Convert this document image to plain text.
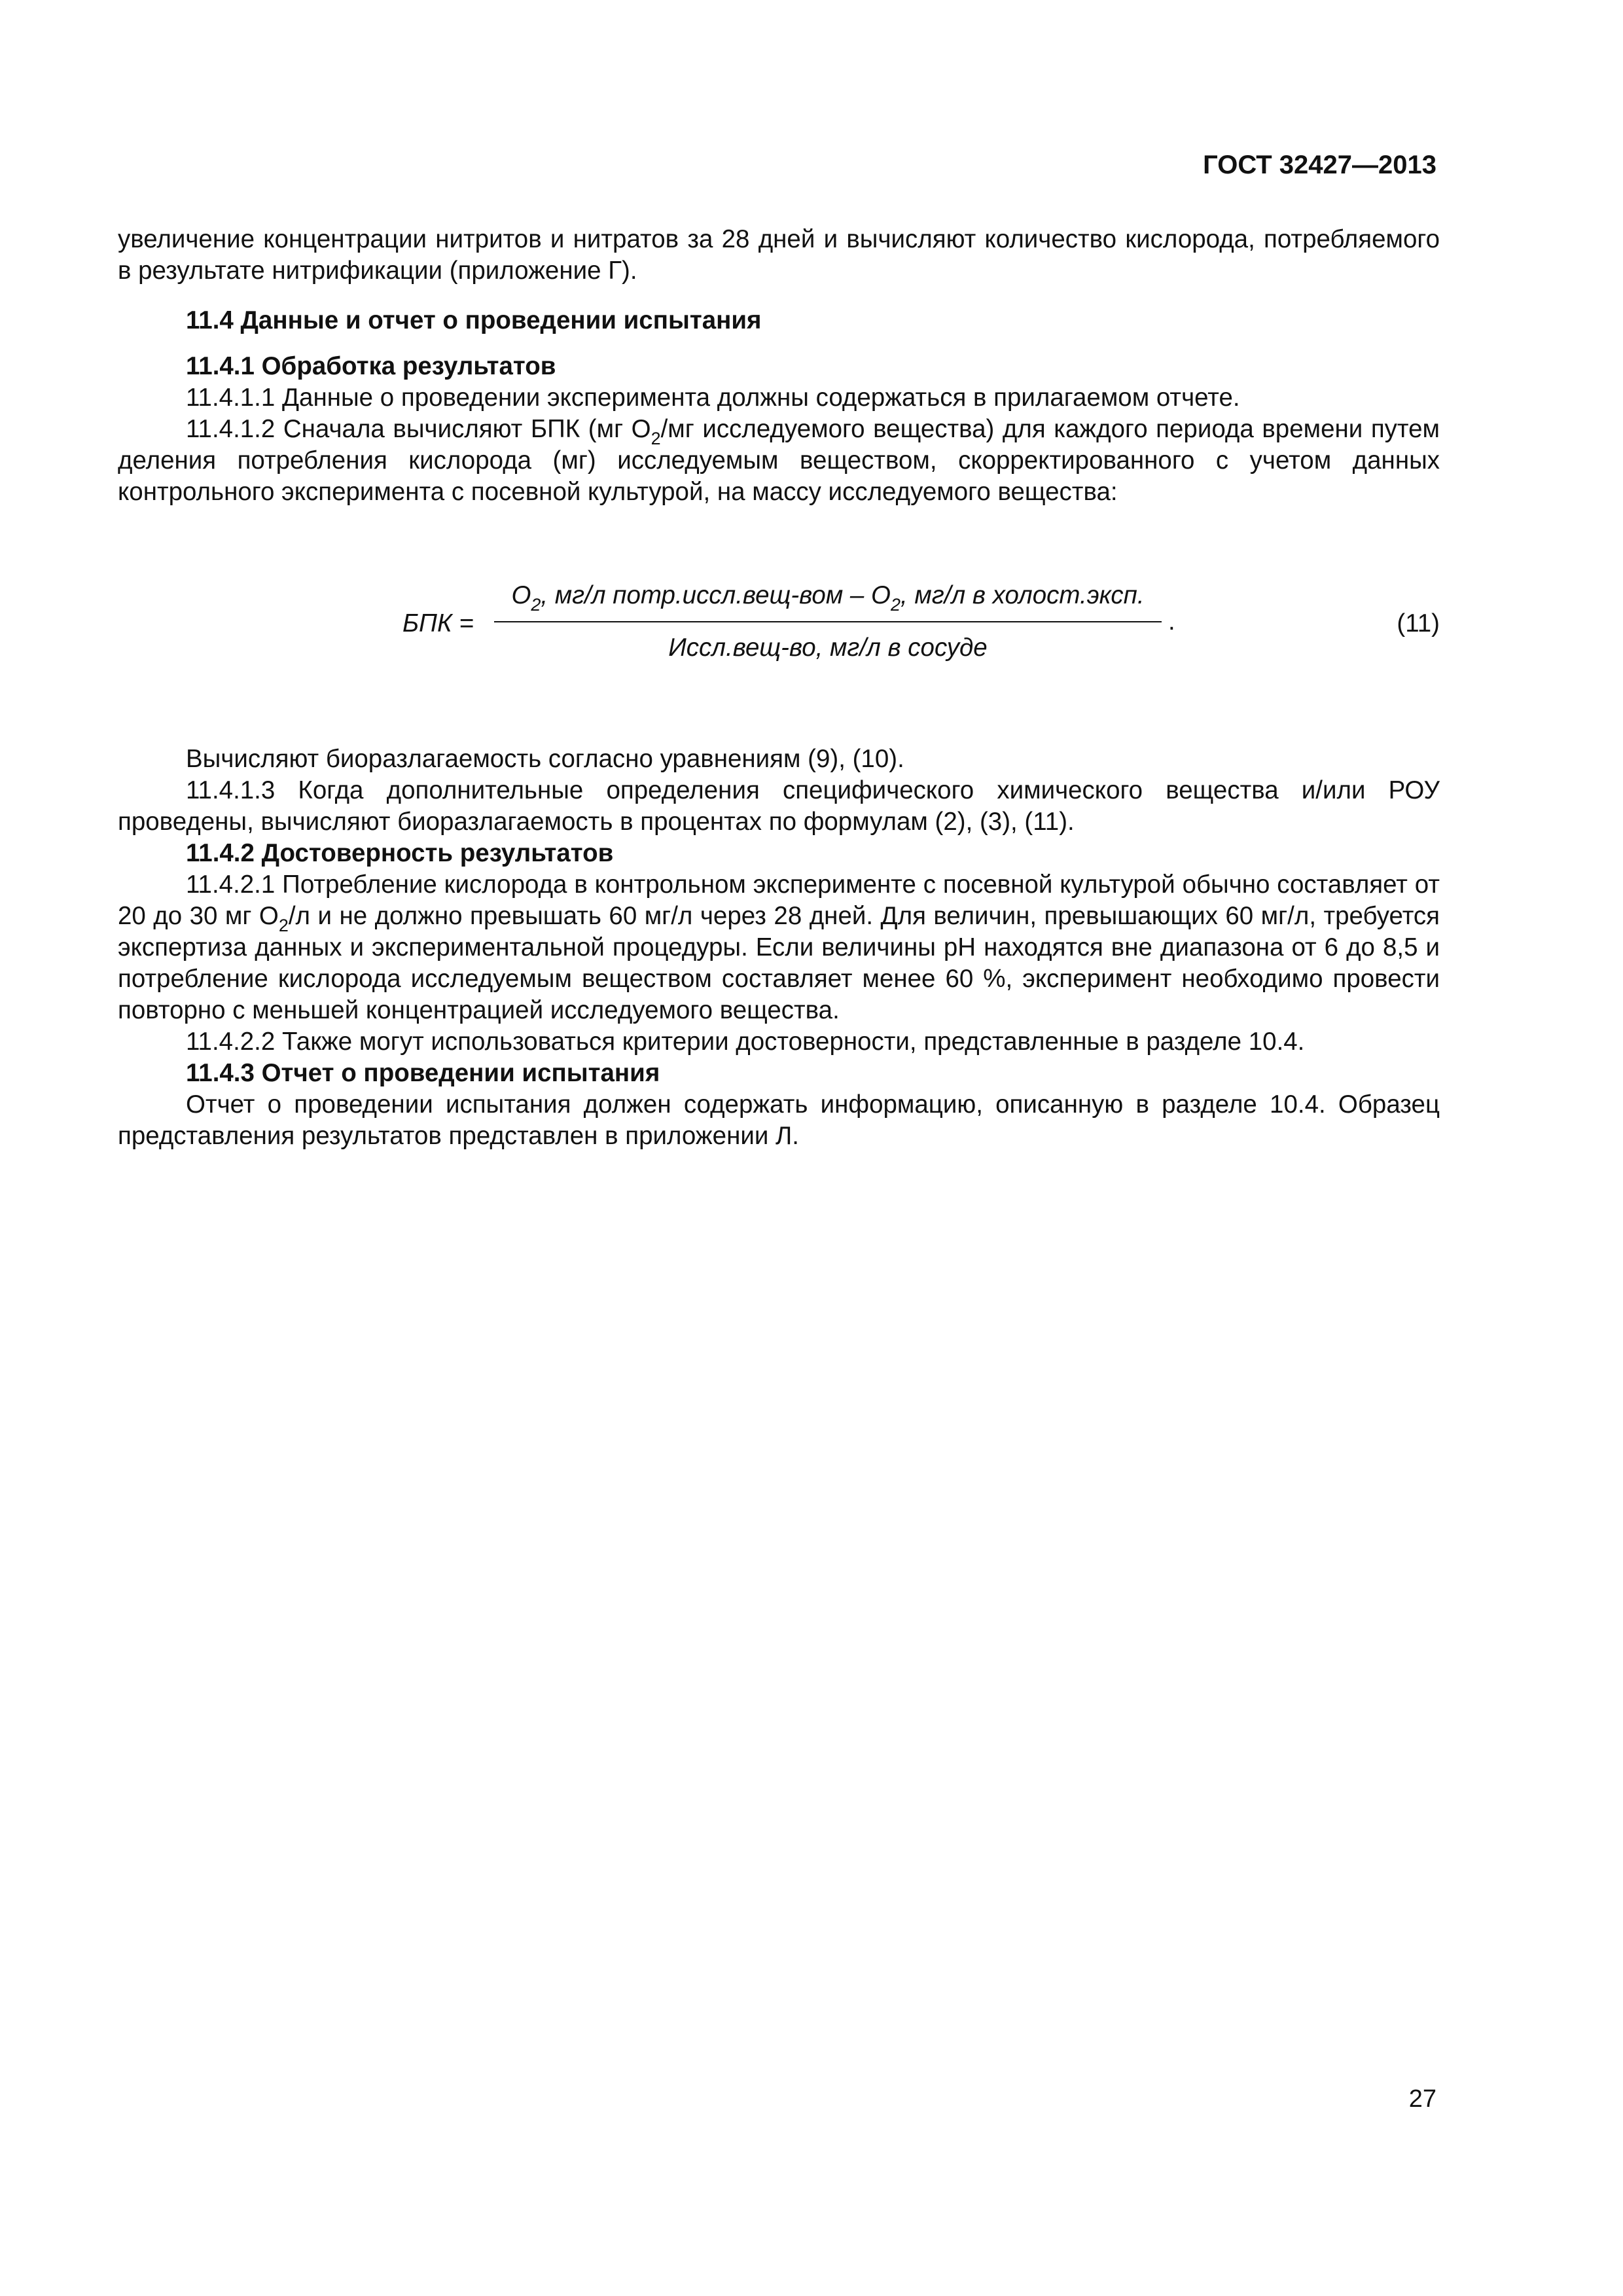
ГОСТ 32427—2013

увеличение концентрации нитритов и нитратов за 28 дней и вычисляют количество кислорода, потребляемого в результате нитрификации (приложение Г).

11.4 Данные и отчет о проведении испытания

11.4.1 Обработка результатов

11.4.1.1 Данные о проведении эксперимента должны содержаться в прилагаемом отчете.

11.4.1.2 Сначала вычисляют БПК (мг $O_2/мг$ исследуемого вещества) для каждого периода времени путем деления потребления кислорода (мг) исследуемым веществом, скорректированного с учетом данных контрольного эксперимента с посевной культурой, на массу исследуемого вещества:

БПК =
$O_2$, мг/л потр.иссл.вещ-вом – $O_2$, мг/л в холост.эксп.
.
Иссл.вещ-во, мг/л в сосуде
(11)

Вычисляют биоразлагаемость согласно уравнениям (9), (10).

11.4.1.3 Когда дополнительные определения специфического химического вещества и/или РОУ проведены, вычисляют биоразлагаемость в процентах по формулам (2), (3), (11).

11.4.2 Достоверность результатов

11.4.2.1 Потребление кислорода в контрольном эксперименте с посевной культурой обычно составляет от 20 до 30 мг $O_2/л$ и не должно превышать 60 мг/л через 28 дней. Для величин, превышающих 60 мг/л, требуется экспертиза данных и экспериментальной процедуры. Если величины pH находятся вне диапазона от 6 до 8,5 и потребление кислорода исследуемым веществом составляет менее 60 %, эксперимент необходимо провести повторно с меньшей концентрацией исследуемого вещества.

11.4.2.2 Также могут использоваться критерии достоверности, представленные в разделе 10.4.

11.4.3 Отчет о проведении испытания

Отчет о проведении испытания должен содержать информацию, описанную в разделе 10.4. Образец представления результатов представлен в приложении Л.

27
